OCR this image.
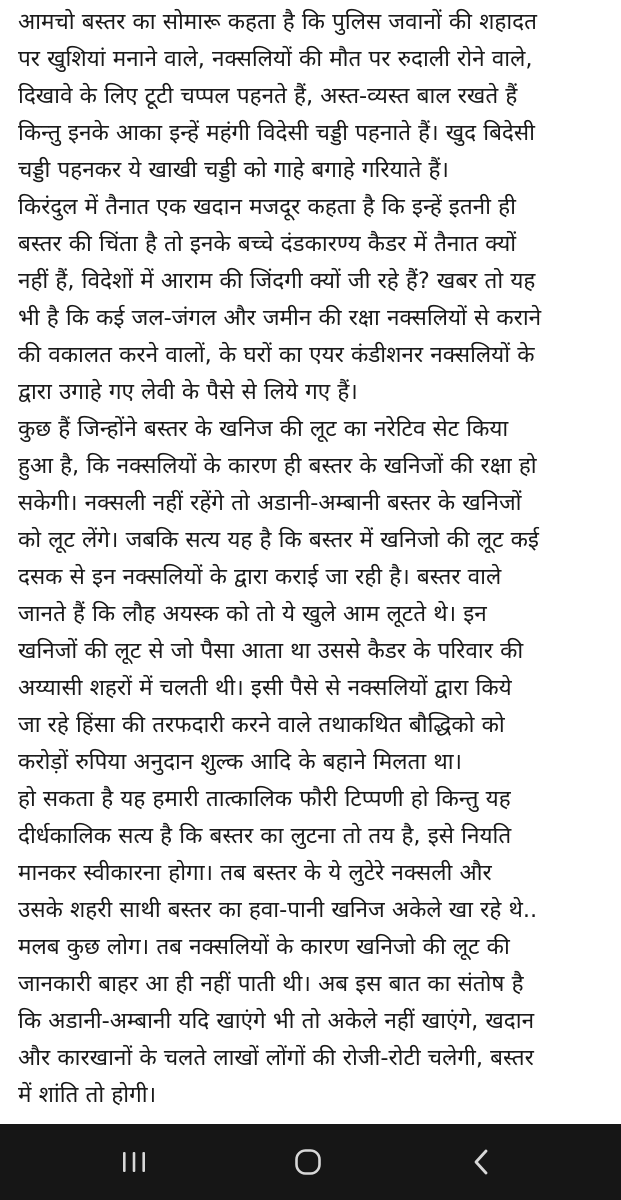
आमचो बस्तर का सोमारू कहता है कि पुलिस जवानों की शहादत
पर खुशियां मनाने वाले, नक्सलियों की मौत पर रुदाली रोने वाले,
दिखावे के लिए टूटी चप्पल पहनते हैं, अस्त-व्यस्त बाल रखते हैं
किन्तु इनके आका इन्हें महंगी विदेसी चड्डी पहनाते हैं। खुद बिदेसी
चड्डी पहनकर ये खाखी चड्डी को गाहे बगाहे गरियाते हैं।
किरंदुल में तैनात एक खदान मजदूर कहता है कि इन्हें इतनी ही
बस्तर की चिंता है तो इनके बच्चे दंडकारण्य कैडर में तैनात क्यों
नहीं हैं, विदेशों में आराम की जिंदगी क्यों जी रहे हैं? खबर तो यह
भी है कि कई जल-जंगल और जमीन की रक्षा नक्सलियों से कराने
की वकालत करने वालों, के घरों का एयर कंडीशनर नक्सलियों के
द्वारा उगाहे गए लेवी के पैसे से लिये गए हैं।
कुछ हैं जिन्होंने बस्तर के खनिज की लूट का नरेटिव सेट किया
हुआ है, कि नक्सलियों के कारण ही बस्तर के खनिजों की रक्षा हो
सकेगी। नक्सली नहीं रहेंगे तो अडानी-अम्बानी बस्तर के खनिजों
को लूट लेंगे। जबकि सत्य यह है कि बस्तर में खनिजो की लूट कई
दसक से इन नक्सलियों के द्वारा कराई जा रही है। बस्तर वाले
जानते हैं कि लौह अयस्क को तो ये खुले आम लूटते थे। इन
खनिजों की लूट से जो पैसा आता था उससे कैडर के परिवार की
अय्यासी शहरों में चलती थी। इसी पैसे से नक्सलियों द्वारा किये
जा रहे हिंसा की तरफदारी करने वाले तथाकथित बौद्धिको को
करोड़ों रुपिया अनुदान शुल्क आदि के बहाने मिलता था।
हो सकता है यह हमारी तात्कालिक फौरी टिप्पणी हो किन्तु यह
दीर्धकालिक सत्य है कि बस्तर का लुटना तो तय है, इसे नियति
मानकर स्वीकारना होगा। तब बस्तर के ये लुटेरे नक्सली और
उसके शहरी साथी बस्तर का हवा-पानी खनिज अकेले खा रहे थे..
मलब कुछ लोग। तब नक्सलियों के कारण खनिजो की लूट की
जानकारी बाहर आ ही नहीं पाती थी। अब इस बात का संतोष है
कि अडानी-अम्बानी यदि खाएंगे भी तो अकेले नहीं खाएंगे, खदान
और कारखानों के चलते लाखों लोंगों की रोजी-रोटी चलेगी, बस्तर
में शांति तो होगी।
